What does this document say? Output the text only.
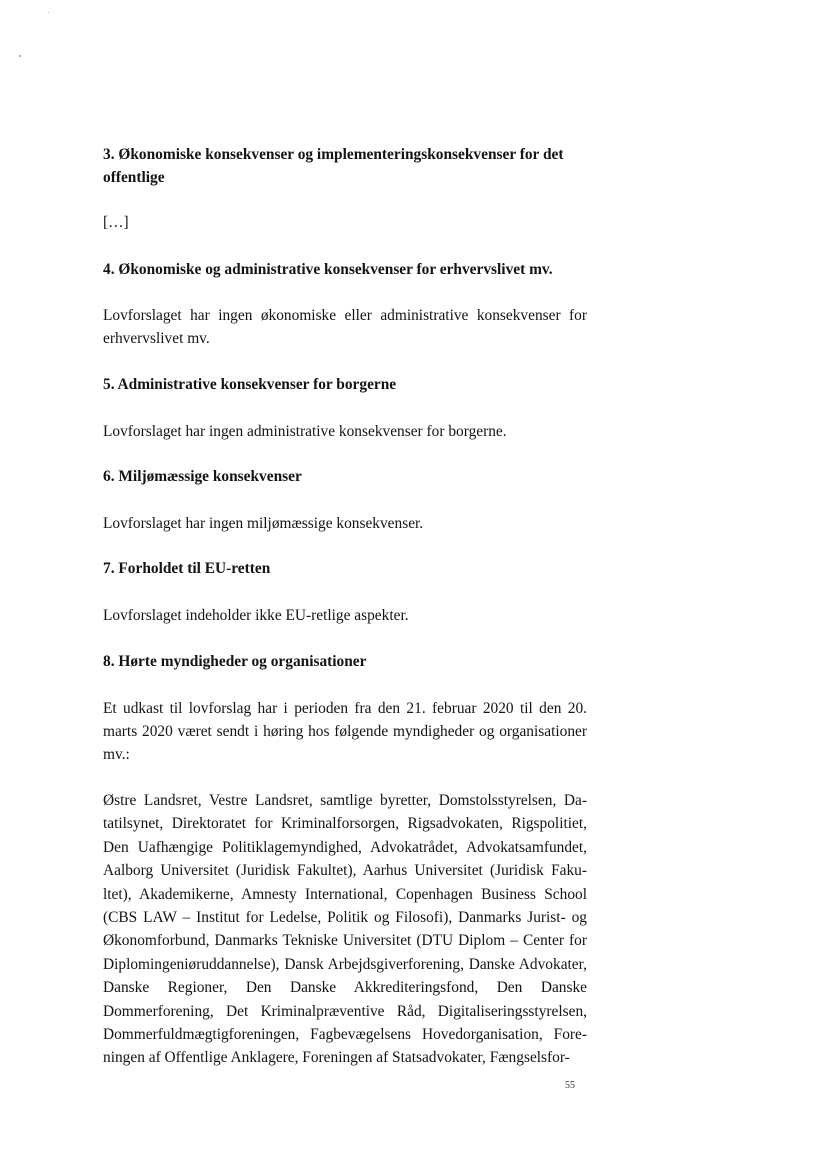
3. Økonomiske konsekvenser og implementeringskonsekvenser for det offentlige

[…]

4. Økonomiske og administrative konsekvenser for erhvervslivet mv.

Lovforslaget har ingen økonomiske eller administrative konsekvenser for erhvervslivet mv.

5. Administrative konsekvenser for borgerne

Lovforslaget har ingen administrative konsekvenser for borgerne.

6. Miljømæssige konsekvenser

Lovforslaget har ingen miljømæssige konsekvenser.

7. Forholdet til EU-retten

Lovforslaget indeholder ikke EU-retlige aspekter.

8. Hørte myndigheder og organisationer

Et udkast til lovforslag har i perioden fra den 21. februar 2020 til den 20. marts 2020 været sendt i høring hos følgende myndigheder og organisationer mv.:

Østre Landsret, Vestre Landsret, samtlige byretter, Domstolsstyrelsen, Datatilsynet, Direktoratet for Kriminalforsorgen, Rigsadvokaten, Rigspolitiet, Den Uafhængige Politiklagemyndighed, Advokatrådet, Advokatsamfundet, Aalborg Universitet (Juridisk Fakultet), Aarhus Universitet (Juridisk Fakultet), Akademikerne, Amnesty International, Copenhagen Business School (CBS LAW – Institut for Ledelse, Politik og Filosofi), Danmarks Jurist- og Økonomforbund, Danmarks Tekniske Universitet (DTU Diplom – Center for Diplomingeniøruddannelse), Dansk Arbejdsgiverforening, Danske Advokater, Danske Regioner, Den Danske Akkrediteringsfond, Den Danske Dommerforening, Det Kriminalpræventive Råd, Digitaliseringsstyrelsen, Dommerfuldmægtigforeningen, Fagbevægelsens Hovedorganisation, Foreningen af Offentlige Anklagere, Foreningen af Statsadvokater, Fængselsfor-

55
